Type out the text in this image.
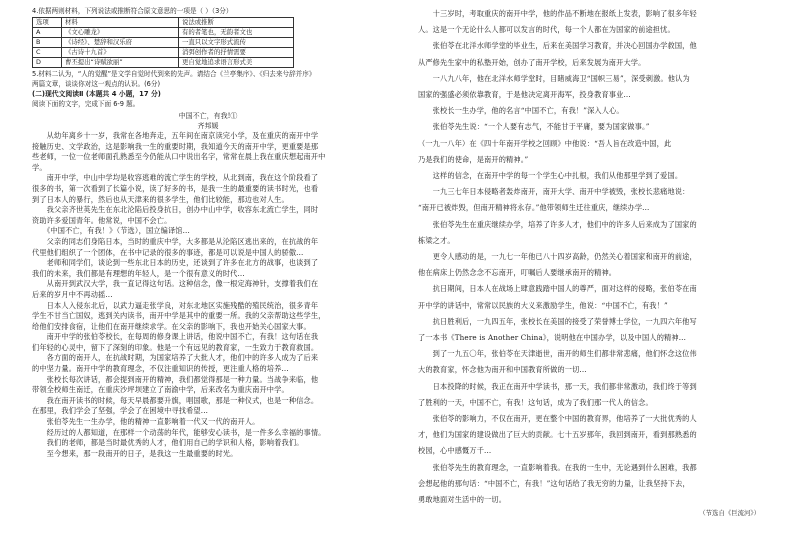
4.依据两则材料，下列说法或推断符合原文意思的一项是（ ）（3分）
选项	材料	说法或推断
A	《文心雕龙》	有的者笔也，无韵者文也
B	《诗经》、楚辞和汉乐府	一直只以文字形式流传
C	《古诗十九首》	消弭创作者的抒情需要
D	曹丕提出“诗赋欲丽”	更自觉地追求语言形式美
5.材料二认为，“人的觉醒”是文学自觉时代到来的先声。请结合《兰亭集序》、《归去来兮辞并序》
两篇文章，谈谈你对这一观点的认识。(6分)
(二)现代文阅读Ⅱ (本题共 4 小题，17 分)
阅读下面的文字，完成下面 6-9 题。
中国不亡，有我!①
齐邦媛
　　从幼年离乡十一岁，我常在各地奔走，五年间在南京读完小学，及在重庆的南开中学
接触历史、文学政治，这是影响我一生的重要时期，我知道今天的南开中学，更重要是那
些老师，一位一位老师面孔熟悉至今仍能从口中说出名字，常常在晨上我在重庆想起南开中
学。
　　南开中学，中山中学均是收容逃难的流亡学生的学校，从北到南，我在这个阶段看了
很多的书，第一次看到了长篇小说，读了好多的书，是我一生的最重要的读书时光，也看
到了日本人的暴行，然后也从天津来的很多学生，他们比较能，那边也对人生。
　　我父亲齐世英先生在东北沦陷后投身抗日，创办中山中学，收容东北流亡学生，同时
资助许多爱国青年。他常说，中国不会亡。
　　《中国不亡，有我！》（节选），国立编译馆...
　　父亲的同志们身陷日本，当时的重庆中学，大多都是从沦陷区逃出来的，在抗战的年
代里他们组织了一个团体，在书中记录的很多的事迹，都是可以说是中国人的骄傲...
　　老师和同学们，谈论到一些东北日本的历史，还谈到了许多在北方的战事，也谈到了
我们的未来，我们都是有理想的年轻人，是一个很有意义的时代...
　　从南开到武汉大学，我一直记得这句话。这种信念，像一根定海神针，支撑着我们在
后来的岁月中不再动摇...
　　日本人入侵东北后，以武力逼走张学良，对东北地区实施残酷的殖民统治，很多青年
学生不甘当亡国奴，逃到关内读书，南开中学是其中的重要一所。我的父亲帮助这些学生，
给他们安排食宿，让他们在南开继续求学。在父亲的影响下，我也开始关心国家大事。
　　南开中学的张伯苓校长，在每周的修身课上讲话，他说中国不亡，有我！这句话在我
们年轻的心灵中，留下了深刻的印象。他是一个有远见的教育家，一生致力于教育救国。
　　各方面的南开人，在抗战时期，为国家培养了大批人才，他们中的许多人成为了后来
的中坚力量。南开中学的教育理念，不仅注重知识的传授，更注重人格的培养...
　　张校长每次讲话，都会提到南开的精神，我们都觉得那是一种力量。当战争来临，他
带领全校师生南迁，在重庆沙坪坝建立了南渝中学，后来改名为重庆南开中学。
　　我在南开读书的时候，每天早晨都要升旗，唱国歌，那是一种仪式，也是一种信念。
在那里，我们学会了坚强，学会了在困境中寻找希望...
　　张伯苓先生一生办学，他的精神一直影响着一代又一代的南开人。
　　经历过的人都知道，在那样一个动荡的年代，能够安心读书，是一件多么幸福的事情。
　　我们的老师，都是当时最优秀的人才，他们用自己的学识和人格，影响着我们。
　　至今想来，那一段南开的日子，是我这一生最重要的时光。
　　十三岁时，考取重庆的南开中学，他的作品不断地在报纸上发表，影响了很多年轻
人。这是一个无论什么人都可以发言的时代，每一个人都在为国家的前途担忧。
　　张伯苓在北洋水师学堂的毕业生，后来在美国学习教育，并决心回国办学救国，他
从严修先生家中的私塾开始，创办了南开学校，后来发展为南开大学。
　　一八九八年，他在北洋水师学堂时，目睹威海卫“国帜三易”，深受刺激。他认为
国家的强盛必须依靠教育，于是他决定离开海军，投身教育事业...
　　张校长一生办学，他的名言“中国不亡，有我！”深入人心。
　　张伯苓先生说：“一个人要有志气，不能甘于平庸，要为国家做事。”
（一九一八年）在《四十年南开学校之回顾》中他说：“吾人旨在改造中国，此
乃是我们的使命，是南开的精神。”
　　这样的信念，在南开中学的每一个学生心中扎根，我们从他那里学到了爱国。
　　一九三七年日本侵略者轰炸南开，南开大学、南开中学被毁，张校长悲痛地说：
“南开已被炸毁，但南开精神将永存。”他带领师生迁往重庆，继续办学...
　　张伯苓先生在重庆继续办学，培养了许多人才，他们中的许多人后来成为了国家的
栋梁之才。
　　更令人感动的是，一九七一年他已八十四岁高龄，仍然关心着国家和南开的前途，
他在病床上仍然念念不忘南开，叮嘱后人要继承南开的精神。
　　抗日期间，日本人在战场上肆意践踏中国人的尊严，面对这样的侵略，张伯苓在南
开中学的讲话中，常常以民族的大义来激励学生，他说：“中国不亡，有我！”
　　抗日胜利后，一九四五年，张校长在美国的接受了荣誉博士学位，一九四六年他写
了一本书《There is Another China》，说明他在中国办学，以及中国人的精神...
　　到了一九五〇年，张伯苓在天津逝世，南开的师生们都非常悲痛，他们怀念这位伟
大的教育家，怀念他为南开和中国教育所做的一切...
　　日本投降的时候，我正在南开中学读书，那一天，我们都非常激动，我们终于等到
了胜利的一天，中国不亡，有我！这句话，成为了我们那一代人的信念。
　　张伯苓的影响力，不仅在南开，更在整个中国的教育界，他培养了一大批优秀的人
才，他们为国家的建设做出了巨大的贡献。七十五岁那年，我回到南开，看到那熟悉的
校园，心中感慨万千...
　　张伯苓先生的教育理念，一直影响着我。在我的一生中，无论遇到什么困难，我都
会想起他的那句话：“中国不亡，有我！”这句话给了我无穷的力量，让我坚持下去，
勇敢地面对生活中的一切。
（节选自《巨流河》）
